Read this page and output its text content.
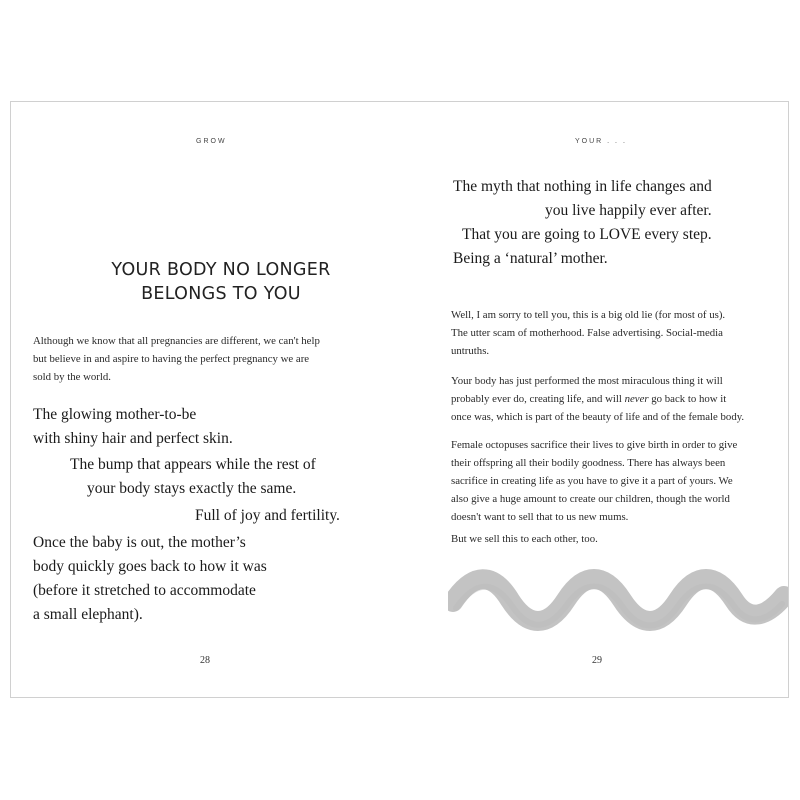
GROW
YOUR BODY NO LONGER
BELONGS TO YOU
Although we know that all pregnancies are different, we can't help
but believe in and aspire to having the perfect pregnancy we are
sold by the world.
The glowing mother-to-be
with shiny hair and perfect skin.
The bump that appears while the rest of
your body stays exactly the same.
Full of joy and fertility.
Once the baby is out, the mother’s
body quickly goes back to how it was
(before it stretched to accommodate
a small elephant).
28
YOUR . . .
The myth that nothing in life changes and
you live happily ever after.
That you are going to LOVE every step.
Being a ‘natural’ mother.
Well, I am sorry to tell you, this is a big old lie (for most of us).
The utter scam of motherhood. False advertising. Social-media
untruths.
Your body has just performed the most miraculous thing it will
probably ever do, creating life, and will never go back to how it
once was, which is part of the beauty of life and of the female body.
Female octopuses sacrifice their lives to give birth in order to give
their offspring all their bodily goodness. There has always been
sacrifice in creating life as you have to give it a part of yours. We
also give a huge amount to create our children, though the world
doesn't want to sell that to us new mums.
But we sell this to each other, too.
29
